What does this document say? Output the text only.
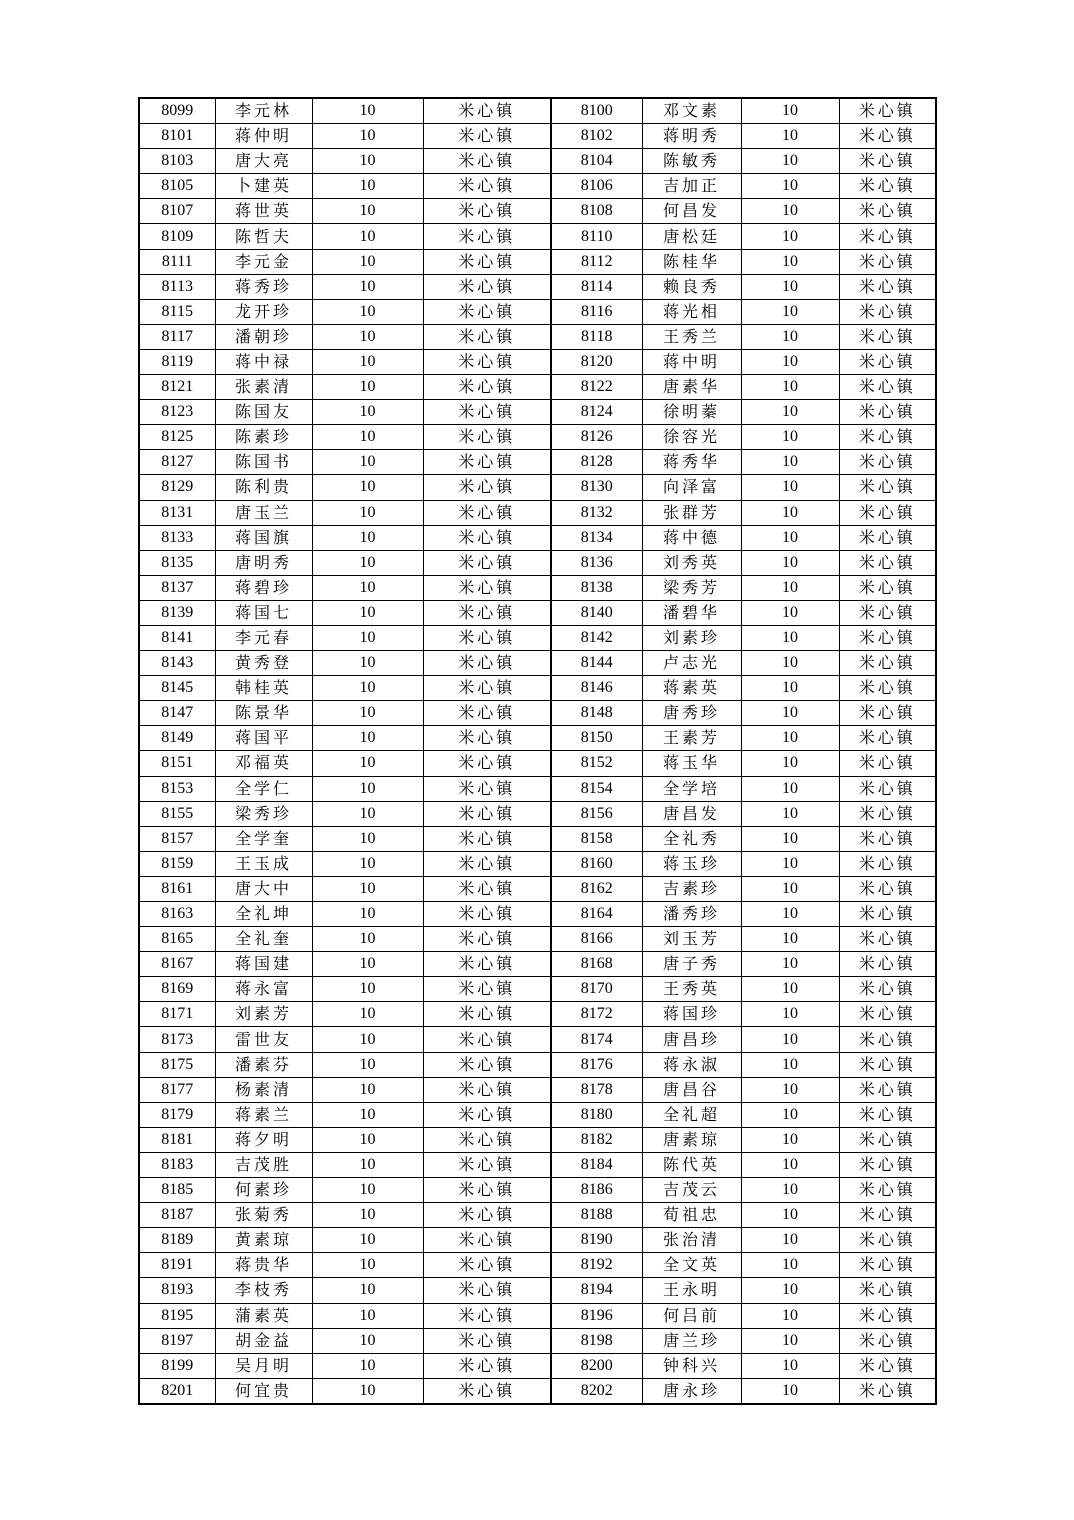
8099	李元林	10	米心镇	8100	邓文素	10	米心镇
8101	蒋仲明	10	米心镇	8102	蒋明秀	10	米心镇
8103	唐大亮	10	米心镇	8104	陈敏秀	10	米心镇
8105	卜建英	10	米心镇	8106	吉加正	10	米心镇
8107	蒋世英	10	米心镇	8108	何昌发	10	米心镇
8109	陈哲夫	10	米心镇	8110	唐松廷	10	米心镇
8111	李元金	10	米心镇	8112	陈桂华	10	米心镇
8113	蒋秀珍	10	米心镇	8114	赖良秀	10	米心镇
8115	龙开珍	10	米心镇	8116	蒋光相	10	米心镇
8117	潘朝珍	10	米心镇	8118	王秀兰	10	米心镇
8119	蒋中禄	10	米心镇	8120	蒋中明	10	米心镇
8121	张素清	10	米心镇	8122	唐素华	10	米心镇
8123	陈国友	10	米心镇	8124	徐明蓁	10	米心镇
8125	陈素珍	10	米心镇	8126	徐容光	10	米心镇
8127	陈国书	10	米心镇	8128	蒋秀华	10	米心镇
8129	陈利贵	10	米心镇	8130	向泽富	10	米心镇
8131	唐玉兰	10	米心镇	8132	张群芳	10	米心镇
8133	蒋国旗	10	米心镇	8134	蒋中德	10	米心镇
8135	唐明秀	10	米心镇	8136	刘秀英	10	米心镇
8137	蒋碧珍	10	米心镇	8138	梁秀芳	10	米心镇
8139	蒋国七	10	米心镇	8140	潘碧华	10	米心镇
8141	李元春	10	米心镇	8142	刘素珍	10	米心镇
8143	黄秀登	10	米心镇	8144	卢志光	10	米心镇
8145	韩桂英	10	米心镇	8146	蒋素英	10	米心镇
8147	陈景华	10	米心镇	8148	唐秀珍	10	米心镇
8149	蒋国平	10	米心镇	8150	王素芳	10	米心镇
8151	邓福英	10	米心镇	8152	蒋玉华	10	米心镇
8153	全学仁	10	米心镇	8154	全学培	10	米心镇
8155	梁秀珍	10	米心镇	8156	唐昌发	10	米心镇
8157	全学奎	10	米心镇	8158	全礼秀	10	米心镇
8159	王玉成	10	米心镇	8160	蒋玉珍	10	米心镇
8161	唐大中	10	米心镇	8162	吉素珍	10	米心镇
8163	全礼坤	10	米心镇	8164	潘秀珍	10	米心镇
8165	全礼奎	10	米心镇	8166	刘玉芳	10	米心镇
8167	蒋国建	10	米心镇	8168	唐子秀	10	米心镇
8169	蒋永富	10	米心镇	8170	王秀英	10	米心镇
8171	刘素芳	10	米心镇	8172	蒋国珍	10	米心镇
8173	雷世友	10	米心镇	8174	唐昌珍	10	米心镇
8175	潘素芬	10	米心镇	8176	蒋永淑	10	米心镇
8177	杨素清	10	米心镇	8178	唐昌谷	10	米心镇
8179	蒋素兰	10	米心镇	8180	全礼超	10	米心镇
8181	蒋夕明	10	米心镇	8182	唐素琼	10	米心镇
8183	吉茂胜	10	米心镇	8184	陈代英	10	米心镇
8185	何素珍	10	米心镇	8186	吉茂云	10	米心镇
8187	张菊秀	10	米心镇	8188	荀祖忠	10	米心镇
8189	黄素琼	10	米心镇	8190	张治清	10	米心镇
8191	蒋贵华	10	米心镇	8192	全文英	10	米心镇
8193	李枝秀	10	米心镇	8194	王永明	10	米心镇
8195	蒲素英	10	米心镇	8196	何吕前	10	米心镇
8197	胡金益	10	米心镇	8198	唐兰珍	10	米心镇
8199	吴月明	10	米心镇	8200	钟科兴	10	米心镇
8201	何宜贵	10	米心镇	8202	唐永珍	10	米心镇
